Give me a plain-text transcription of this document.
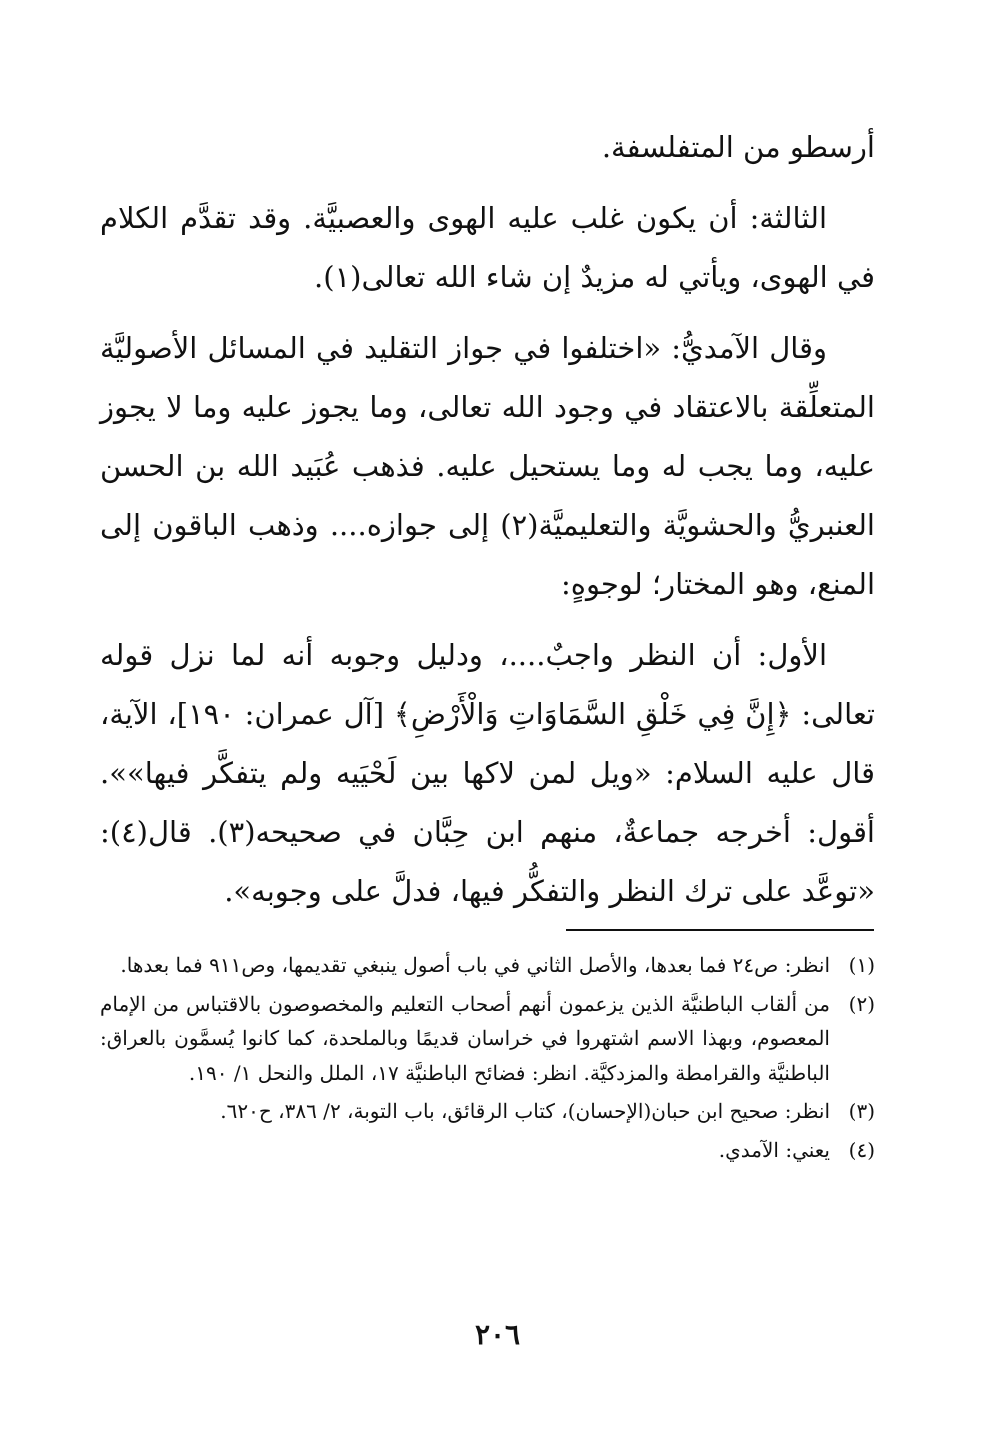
أرسطو من المتفلسفة.

الثالثة: أن يكون غلب عليه الهوى والعصبيَّة. وقد تقدَّم الكلام في الهوى، ويأتي له مزيدٌ إن شاء الله تعالى(١).

وقال الآمديُّ: «اختلفوا في جواز التقليد في المسائل الأصوليَّة المتعلِّقة بالاعتقاد في وجود الله تعالى، وما يجوز عليه وما لا يجوز عليه، وما يجب له وما يستحيل عليه. فذهب عُبَيد الله بن الحسن العنبريُّ والحشويَّة والتعليميَّة(٢) إلى جوازه.... وذهب الباقون إلى المنع، وهو المختار؛ لوجوهٍ:

الأول: أن النظر واجبٌ....، ودليل وجوبه أنه لما نزل قوله تعالى: ﴿إِنَّ فِي خَلْقِ السَّمَاوَاتِ وَالْأَرْضِ﴾ [آل عمران: ١٩٠]، الآية، قال عليه السلام: «ويل لمن لاكها بين لَحْيَيه ولم يتفكَّر فيها»». أقول: أخرجه جماعةٌ، منهم ابن حِبَّان في صحيحه(٣). قال(٤): «توعَّد على ترك النظر والتفكُّر فيها، فدلَّ على وجوبه».

(١)
انظر: ص٢٤ فما بعدها، والأصل الثاني في باب أصول ينبغي تقديمها، وص٩١١ فما بعدها.
(٢)
من ألقاب الباطنيَّة الذين يزعمون أنهم أصحاب التعليم والمخصوصون بالاقتباس من الإمام المعصوم، وبهذا الاسم اشتهروا في خراسان قديمًا وبالملحدة، كما كانوا يُسمَّون بالعراق: الباطنيَّة والقرامطة والمزدكيَّة. انظر: فضائح الباطنيَّة ١٧، الملل والنحل ١/ ١٩٠.
(٣)
انظر: صحيح ابن حبان(الإحسان)، كتاب الرقائق، باب التوبة، ٢/ ٣٨٦، ح٦٢٠.
(٤)
يعني: الآمدي.
٢٠٦
